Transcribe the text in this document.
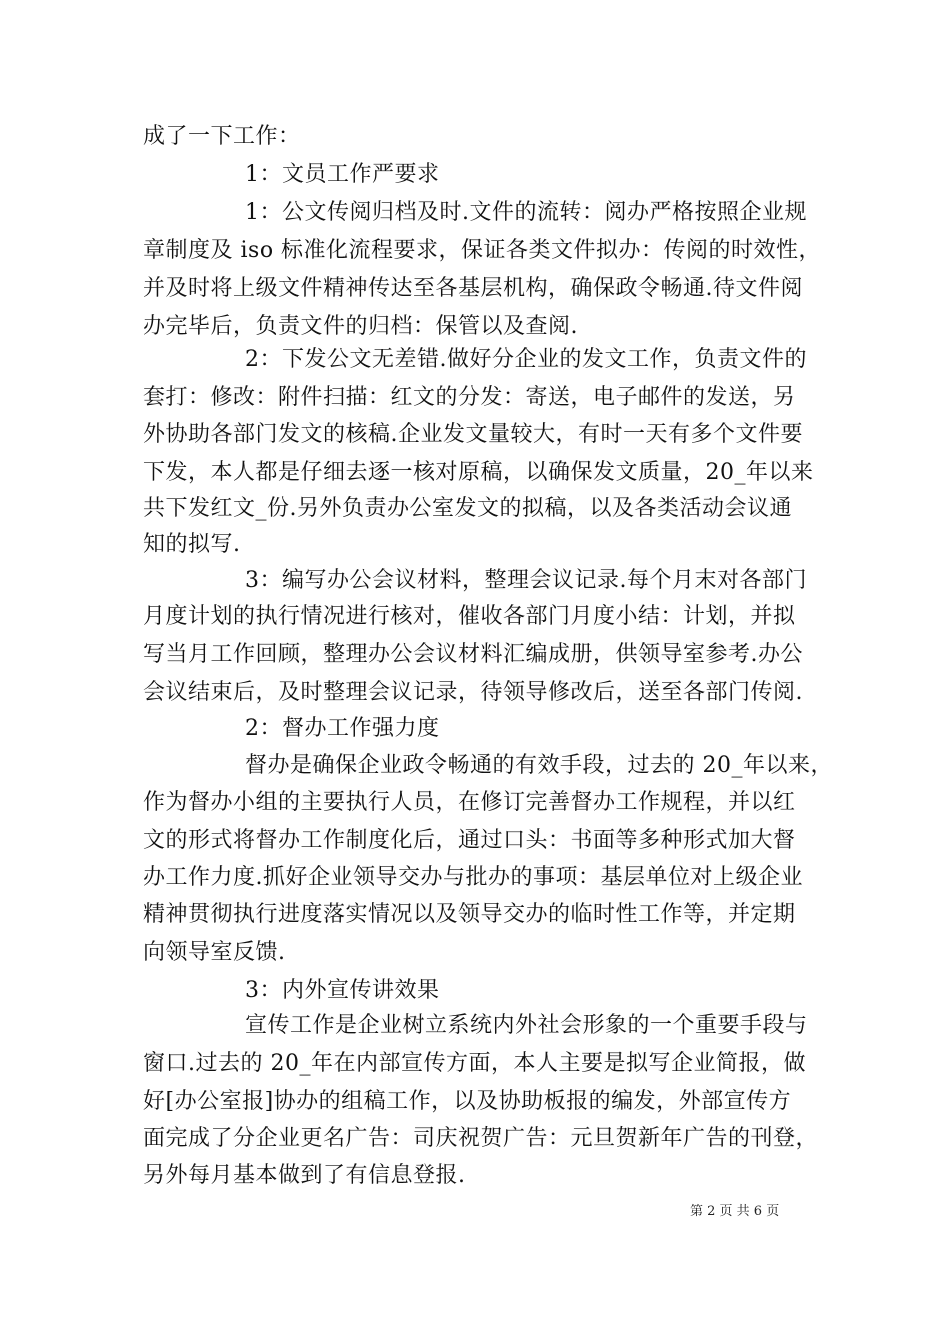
成了一下工作：
1：文员工作严要求
1：公文传阅归档及时.文件的流转：阅办严格按照企业规
章制度及 iso 标准化流程要求，保证各类文件拟办：传阅的时效性，
并及时将上级文件精神传达至各基层机构，确保政令畅通.待文件阅
办完毕后，负责文件的归档：保管以及查阅.
2：下发公文无差错.做好分企业的发文工作，负责文件的
套打：修改：附件扫描：红文的分发：寄送，电子邮件的发送，另
外协助各部门发文的核稿.企业发文量较大，有时一天有多个文件要
下发，本人都是仔细去逐一核对原稿，以确保发文质量，20_年以来
共下发红文_份.另外负责办公室发文的拟稿，以及各类活动会议通
知的拟写.
3：编写办公会议材料，整理会议记录.每个月末对各部门
月度计划的执行情况进行核对，催收各部门月度小结：计划，并拟
写当月工作回顾，整理办公会议材料汇编成册，供领导室参考.办公
会议结束后，及时整理会议记录，待领导修改后，送至各部门传阅.
2：督办工作强力度
督办是确保企业政令畅通的有效手段，过去的 20_年以来，
作为督办小组的主要执行人员，在修订完善督办工作规程，并以红
文的形式将督办工作制度化后，通过口头：书面等多种形式加大督
办工作力度.抓好企业领导交办与批办的事项：基层单位对上级企业
精神贯彻执行进度落实情况以及领导交办的临时性工作等，并定期
向领导室反馈.
3：内外宣传讲效果
宣传工作是企业树立系统内外社会形象的一个重要手段与
窗口.过去的 20_年在内部宣传方面，本人主要是拟写企业简报，做
好[办公室报]协办的组稿工作，以及协助板报的编发，外部宣传方
面完成了分企业更名广告：司庆祝贺广告：元旦贺新年广告的刊登，
另外每月基本做到了有信息登报.
第 2 页 共 6 页
